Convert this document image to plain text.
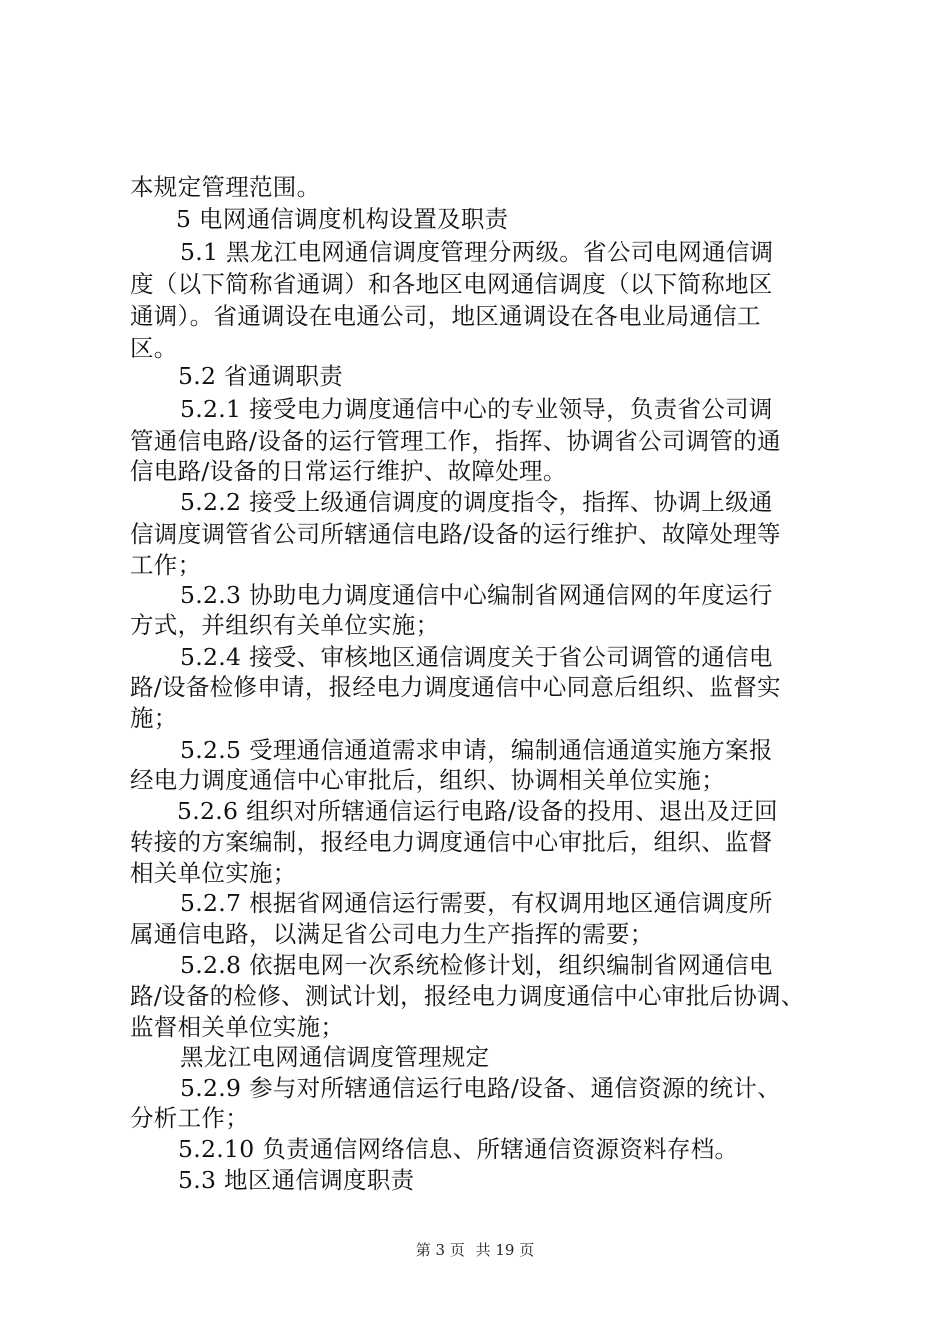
本规定管理范围。
5 电网通信调度机构设置及职责
5.1 黑龙江电网通信调度管理分两级。省公司电网通信调
度（以下简称省通调）和各地区电网通信调度（以下简称地区
通调）。省通调设在电通公司，地区通调设在各电业局通信工
区。
5.2 省通调职责
5.2.1 接受电力调度通信中心的专业领导，负责省公司调
管通信电路/设备的运行管理工作，指挥、协调省公司调管的通
信电路/设备的日常运行维护、故障处理。
5.2.2 接受上级通信调度的调度指令，指挥、协调上级通
信调度调管省公司所辖通信电路/设备的运行维护、故障处理等
工作；
5.2.3 协助电力调度通信中心编制省网通信网的年度运行
方式，并组织有关单位实施；
5.2.4 接受、审核地区通信调度关于省公司调管的通信电
路/设备检修申请，报经电力调度通信中心同意后组织、监督实
施；
5.2.5 受理通信通道需求申请，编制通信通道实施方案报
经电力调度通信中心审批后，组织、协调相关单位实施；
5.2.6 组织对所辖通信运行电路/设备的投用、退出及迂回
转接的方案编制，报经电力调度通信中心审批后，组织、监督
相关单位实施；
5.2.7 根据省网通信运行需要，有权调用地区通信调度所
属通信电路，以满足省公司电力生产指挥的需要；
5.2.8 依据电网一次系统检修计划，组织编制省网通信电
路/设备的检修、测试计划，报经电力调度通信中心审批后协调、
监督相关单位实施；
黑龙江电网通信调度管理规定
5.2.9 参与对所辖通信运行电路/设备、通信资源的统计、
分析工作；
5.2.10 负责通信网络信息、所辖通信资源资料存档。
5.3 地区通信调度职责
第 3 页 共 19 页
